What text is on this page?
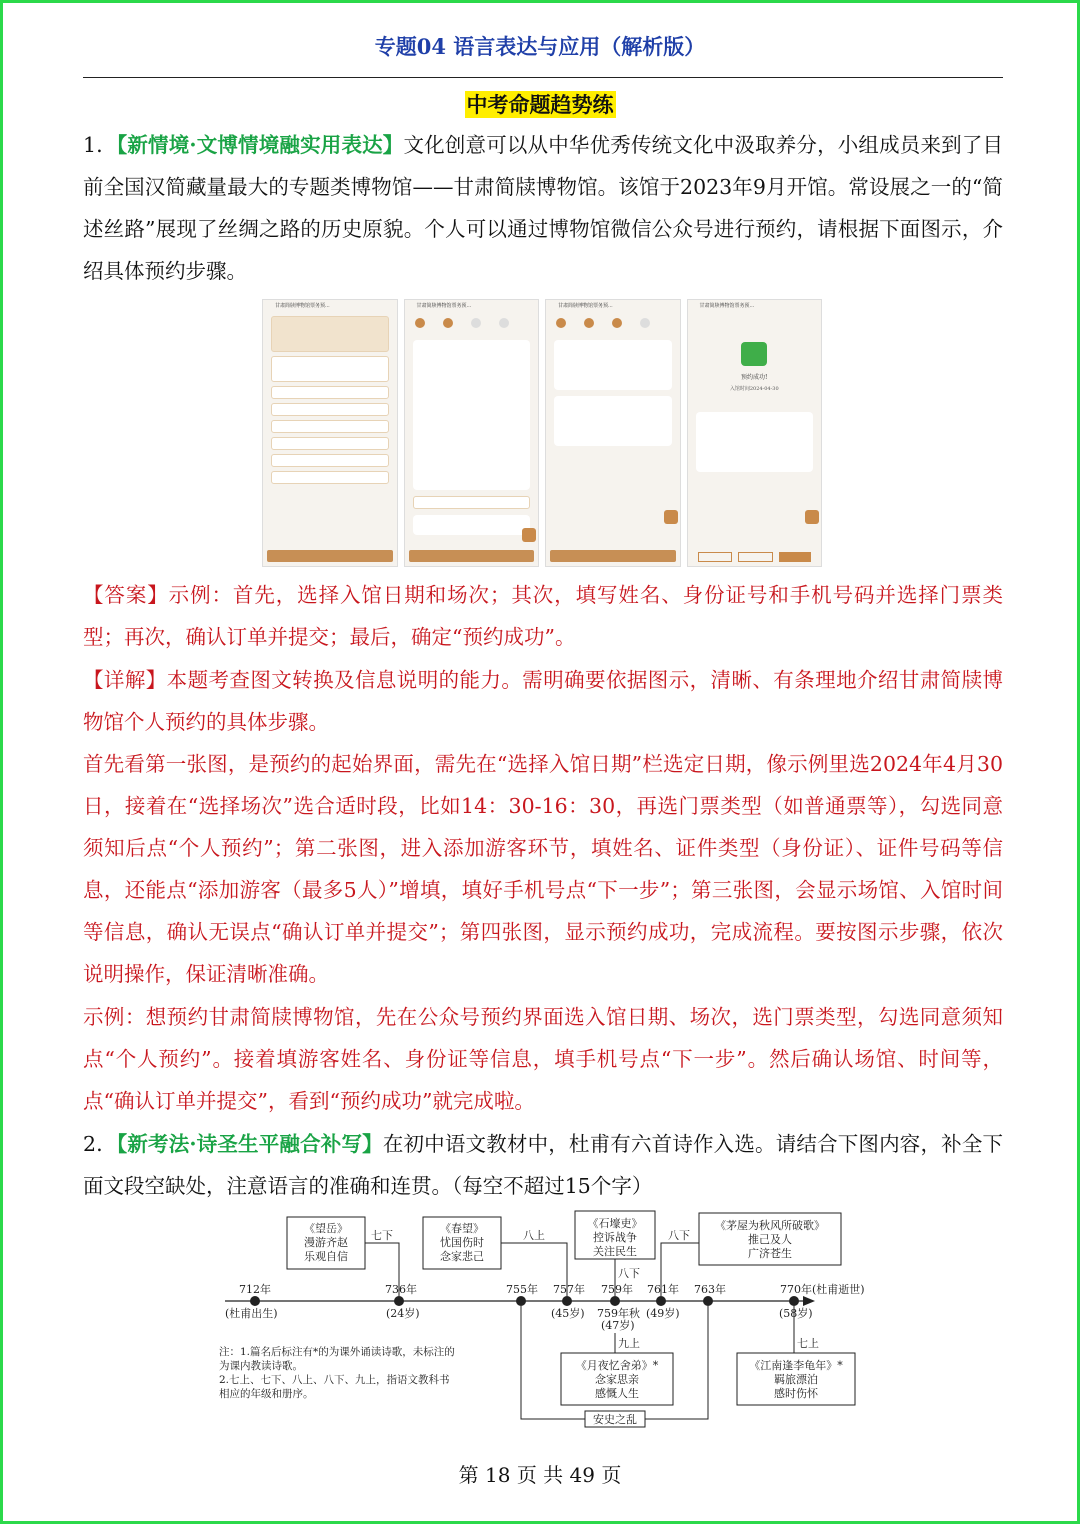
专题04 语言表达与应用（解析版）
中考命题趋势练
1．【新情境·文博情境融实用表达】文化创意可以从中华优秀传统文化中汲取养分，小组成员来到了目前全国汉简藏量最大的专题类博物馆——甘肃简牍博物馆。该馆于2023年9月开馆。常设展之一的“简述丝路”展现了丝绸之路的历史原貌。个人可以通过博物馆微信公众号进行预约，请根据下面图示，介绍具体预约步骤。
甘肃简牍博物馆票务预...	甘肃简牍博物馆票务预...	甘肃简牍博物馆票务预...	甘肃简牍博物馆票务预...
预约成功!
入馆时间2024-04-30
【答案】示例：首先，选择入馆日期和场次；其次，填写姓名、身份证号和手机号码并选择门票类型；再次，确认订单并提交；最后，确定“预约成功”。
【详解】本题考查图文转换及信息说明的能力。需明确要依据图示，清晰、有条理地介绍甘肃简牍博物馆个人预约的具体步骤。
首先看第一张图，是预约的起始界面，需先在“选择入馆日期”栏选定日期，像示例里选2024年4月30日，接着在“选择场次”选合适时段，比如14：30-16：30，再选门票类型（如普通票等），勾选同意须知后点“个人预约”；第二张图，进入添加游客环节，填姓名、证件类型（身份证）、证件号码等信息，还能点“添加游客（最多5人）”增填，填好手机号点“下一步”；第三张图，会显示场馆、入馆时间等信息，确认无误点“确认订单并提交”；第四张图，显示预约成功，完成流程。要按图示步骤，依次说明操作，保证清晰准确。
示例：想预约甘肃简牍博物馆，先在公众号预约界面选入馆日期、场次，选门票类型，勾选同意须知点“个人预约”。接着填游客姓名、身份证等信息，填手机号点“下一步”。然后确认场馆、时间等，点“确认订单并提交”，看到“预约成功”就完成啦。
2．【新考法·诗圣生平融合补写】在初中语文教材中，杜甫有六首诗作入选。请结合下图内容，补全下面文段空缺处，注意语言的准确和连贯。（每空不超过15个字）
712年	736年	755年 757年 759年 761年 763年	770年(杜甫逝世)
(杜甫出生)	(24岁)	(45岁) 759年秋
(47岁)
(49岁)	(58岁)
七下	八上
八下
八下
九上	七上
《望岳》
漫游齐赵
乐观自信
《春望》
忧国伤时
念家悲己
《石壕吏》
控诉战争
关注民生
《茅屋为秋风所破歌》
推己及人
广济苍生
《月夜忆舍弟》*
念家思亲
感慨人生
《江南逢李龟年》*
羁旅漂泊
感时伤怀
安史之乱
注：1.篇名后标注有*的为课外诵读诗歌，未标注的
为课内教读诗歌。
2.七上、七下、八上、八下、九上，指语文教科书
相应的年级和册序。
第 18 页 共 49 页
